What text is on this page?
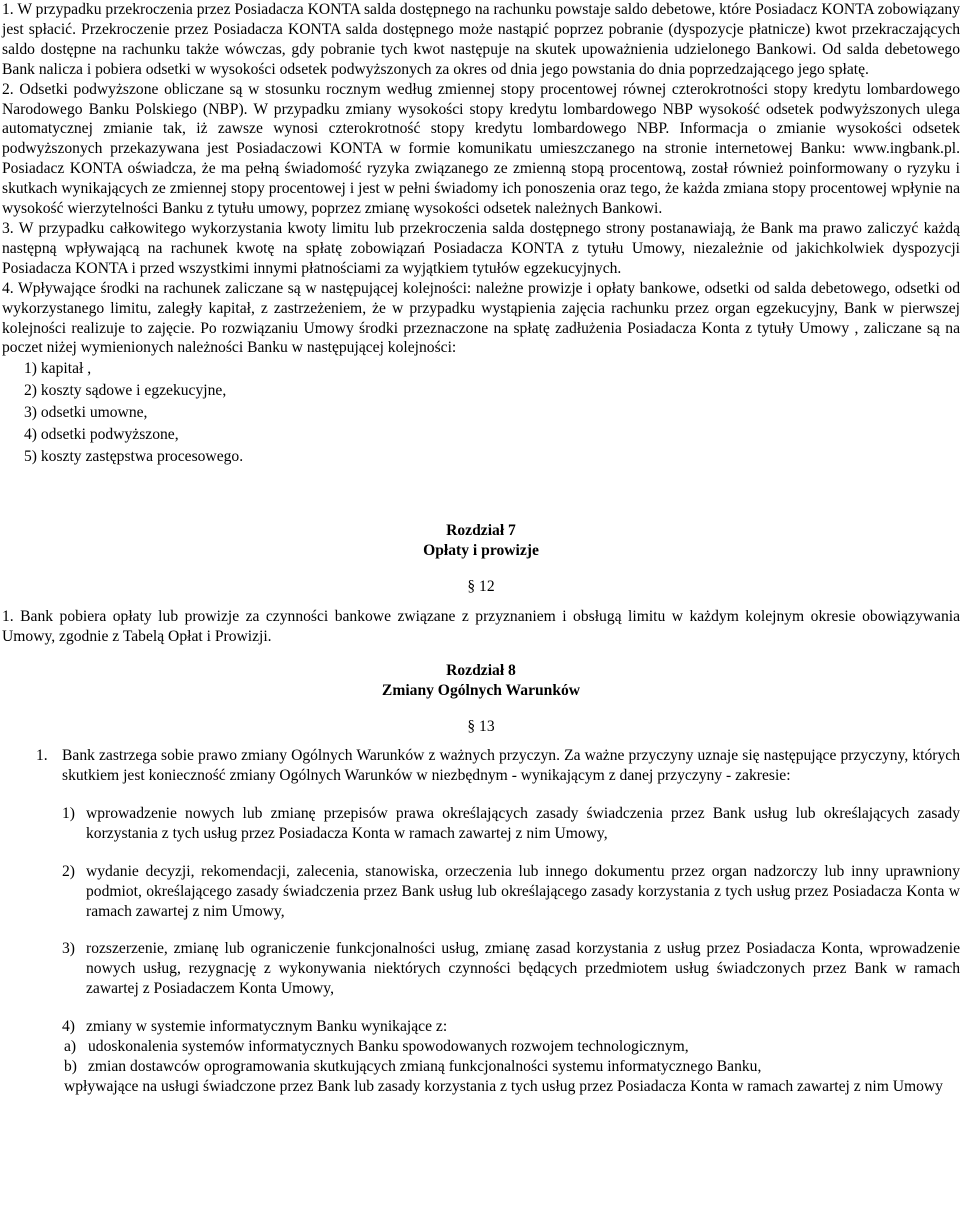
1. W przypadku przekroczenia przez Posiadacza KONTA salda dostępnego na rachunku powstaje saldo debetowe, które Posiadacz KONTA zobowiązany jest spłacić. Przekroczenie przez Posiadacza KONTA salda dostępnego może nastąpić poprzez pobranie (dyspozycje płatnicze) kwot przekraczających saldo dostępne na rachunku także wówczas, gdy pobranie tych kwot następuje na skutek upoważnienia udzielonego Bankowi. Od salda debetowego Bank nalicza i pobiera odsetki w wysokości odsetek podwyższonych za okres od dnia jego powstania do dnia poprzedzającego jego spłatę.

2. Odsetki podwyższone obliczane są w stosunku rocznym według zmiennej stopy procentowej równej czterokrotności stopy kredytu lombardowego Narodowego Banku Polskiego (NBP). W przypadku zmiany wysokości stopy kredytu lombardowego NBP wysokość odsetek podwyższonych ulega automatycznej zmianie tak, iż zawsze wynosi czterokrotność stopy kredytu lombardowego NBP. Informacja o zmianie wysokości odsetek podwyższonych przekazywana jest Posiadaczowi KONTA w formie komunikatu umieszczanego na stronie internetowej Banku: www.ingbank.pl. Posiadacz KONTA oświadcza, że ma pełną świadomość ryzyka związanego ze zmienną stopą procentową, został również poinformowany o ryzyku i skutkach wynikających ze zmiennej stopy procentowej i jest w pełni świadomy ich ponoszenia oraz tego, że każda zmiana stopy procentowej wpłynie na wysokość wierzytelności Banku z tytułu umowy, poprzez zmianę wysokości odsetek należnych Bankowi.

3. W przypadku całkowitego wykorzystania kwoty limitu lub przekroczenia salda dostępnego strony postanawiają, że Bank ma prawo zaliczyć każdą następną wpływającą na rachunek kwotę na spłatę zobowiązań Posiadacza KONTA z tytułu Umowy, niezależnie od jakichkolwiek dyspozycji Posiadacza KONTA i przed wszystkimi innymi płatnościami za wyjątkiem tytułów egzekucyjnych.

4. Wpływające środki na rachunek zaliczane są w następującej kolejności: należne prowizje i opłaty bankowe, odsetki od salda debetowego, odsetki od wykorzystanego limitu, zaległy kapitał, z zastrzeżeniem, że w przypadku wystąpienia zajęcia rachunku przez organ egzekucyjny, Bank w pierwszej kolejności realizuje to zajęcie. Po rozwiązaniu Umowy środki przeznaczone na spłatę zadłużenia Posiadacza Konta z tytuły Umowy , zaliczane są na poczet niżej wymienionych należności Banku w następującej kolejności:

1) kapitał ,
2) koszty sądowe i egzekucyjne,
3) odsetki umowne,
4) odsetki podwyższone,
5) koszty zastępstwa procesowego.

Rozdział 7

Opłaty i prowizje

§ 12

1. Bank pobiera opłaty lub prowizje za czynności bankowe związane z przyznaniem i obsługą limitu w każdym kolejnym okresie obowiązywania Umowy, zgodnie z Tabelą Opłat i Prowizji.

Rozdział 8

Zmiany Ogólnych Warunków

§ 13

1. Bank zastrzega sobie prawo zmiany Ogólnych Warunków z ważnych przyczyn. Za ważne przyczyny uznaje się następujące przyczyny, których skutkiem jest konieczność zmiany Ogólnych Warunków w niezbędnym - wynikającym z danej przyczyny - zakresie:
1) wprowadzenie nowych lub zmianę przepisów prawa określających zasady świadczenia przez Bank usług lub określających zasady korzystania z tych usług przez Posiadacza Konta w ramach zawartej z nim Umowy,
2) wydanie decyzji, rekomendacji, zalecenia, stanowiska, orzeczenia lub innego dokumentu przez organ nadzorczy lub inny uprawniony podmiot, określającego zasady świadczenia przez Bank usług lub określającego zasady korzystania z tych usług przez Posiadacza Konta w ramach zawartej z nim Umowy,
3) rozszerzenie, zmianę lub ograniczenie funkcjonalności usług, zmianę zasad korzystania z usług przez Posiadacza Konta, wprowadzenie nowych usług, rezygnację z wykonywania niektórych czynności będących przedmiotem usług świadczonych przez Bank w ramach zawartej z Posiadaczem Konta Umowy,
4) zmiany w systemie informatycznym Banku wynikające z:
a) udoskonalenia systemów informatycznych Banku spowodowanych rozwojem technologicznym,
b) zmian dostawców oprogramowania skutkujących zmianą funkcjonalności systemu informatycznego Banku,

wpływające na usługi świadczone przez Bank lub zasady korzystania z tych usług przez Posiadacza Konta w ramach zawartej z nim Umowy
